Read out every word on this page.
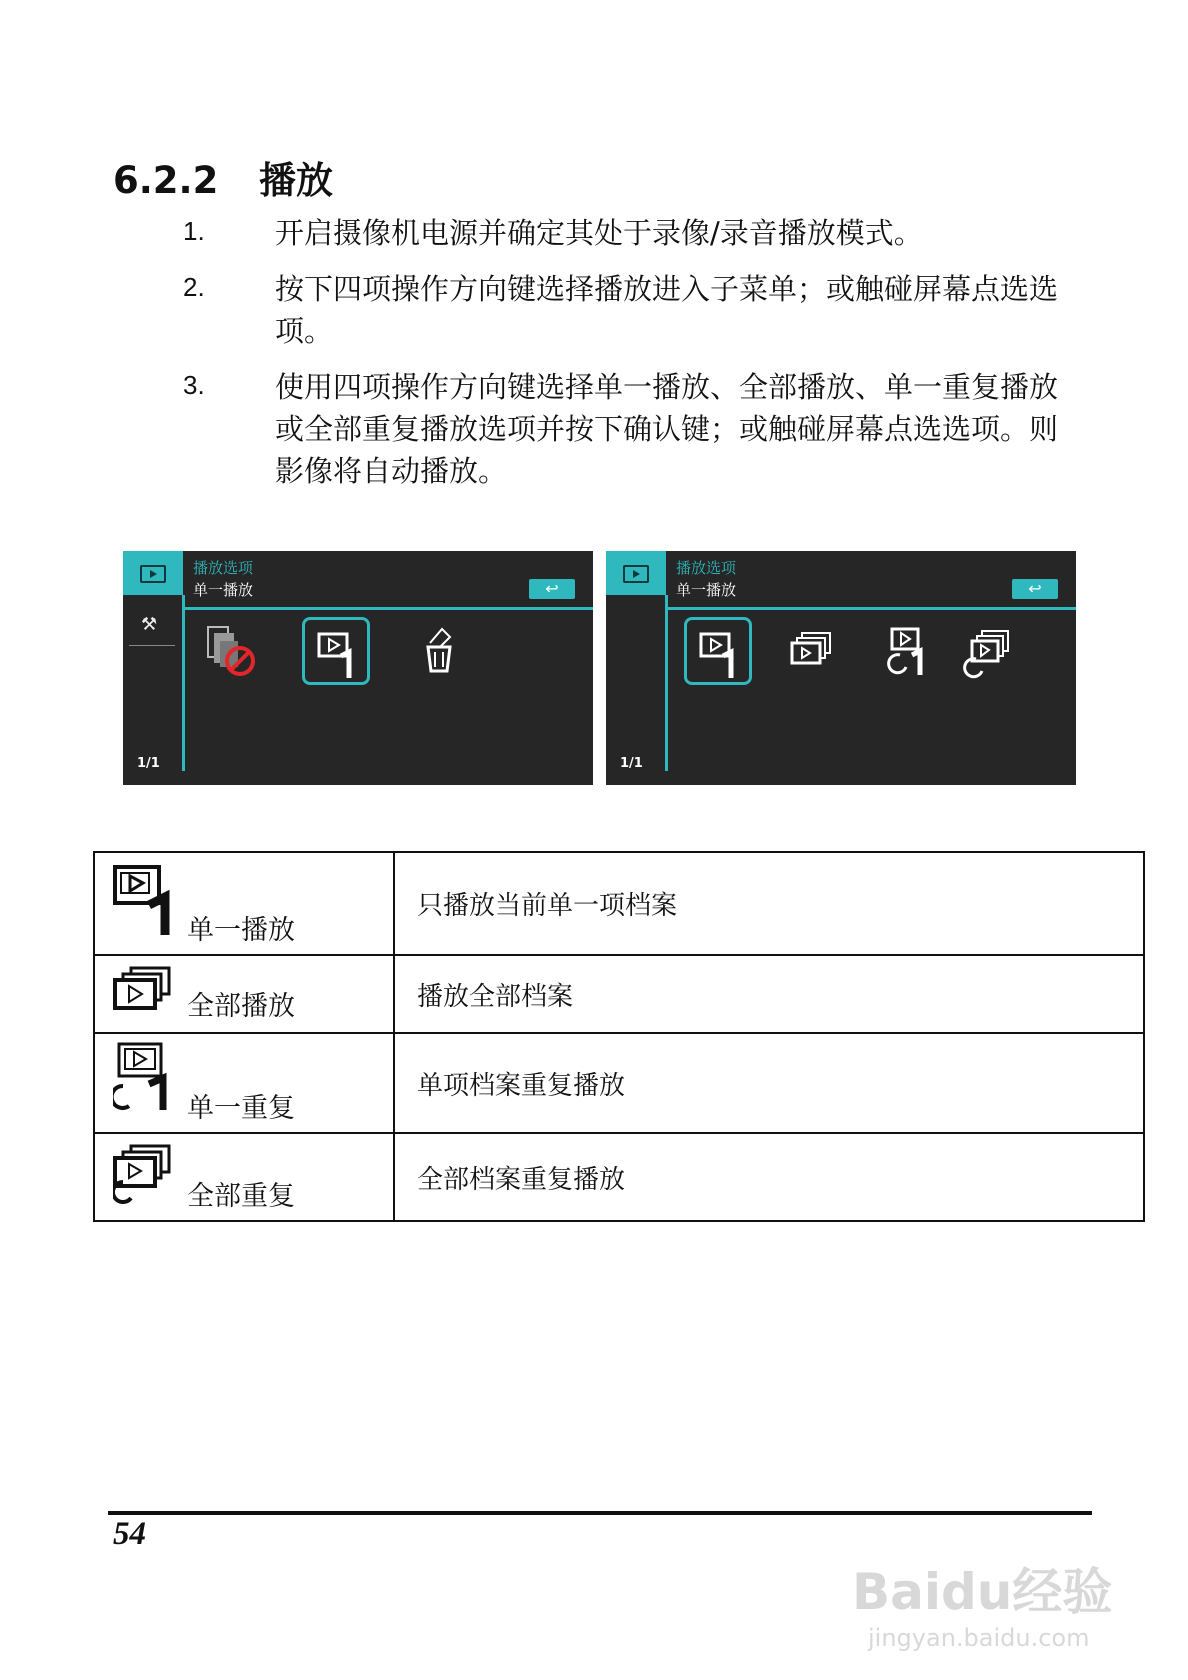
6.2.2 播放
1.	开启摄像机电源并确定其处于录像/录音播放模式。
2.	按下四项操作方向键选择播放进入子菜单；或触碰屏幕点选选项。
3.	使用四项操作方向键选择单一播放、全部播放、单一重复播放或全部重复播放选项并按下确认键；或触碰屏幕点选选项。则影像将自动播放。
⚒
1/1
播放选项
单一播放	↩
1/1
播放选项
单一播放	↩
单一播放	只播放当前单一项档案

全部播放	播放全部档案

单一重复	单项档案重复播放

全部重复	全部档案重复播放
54
Baidu经验
jingyan.baidu.com
